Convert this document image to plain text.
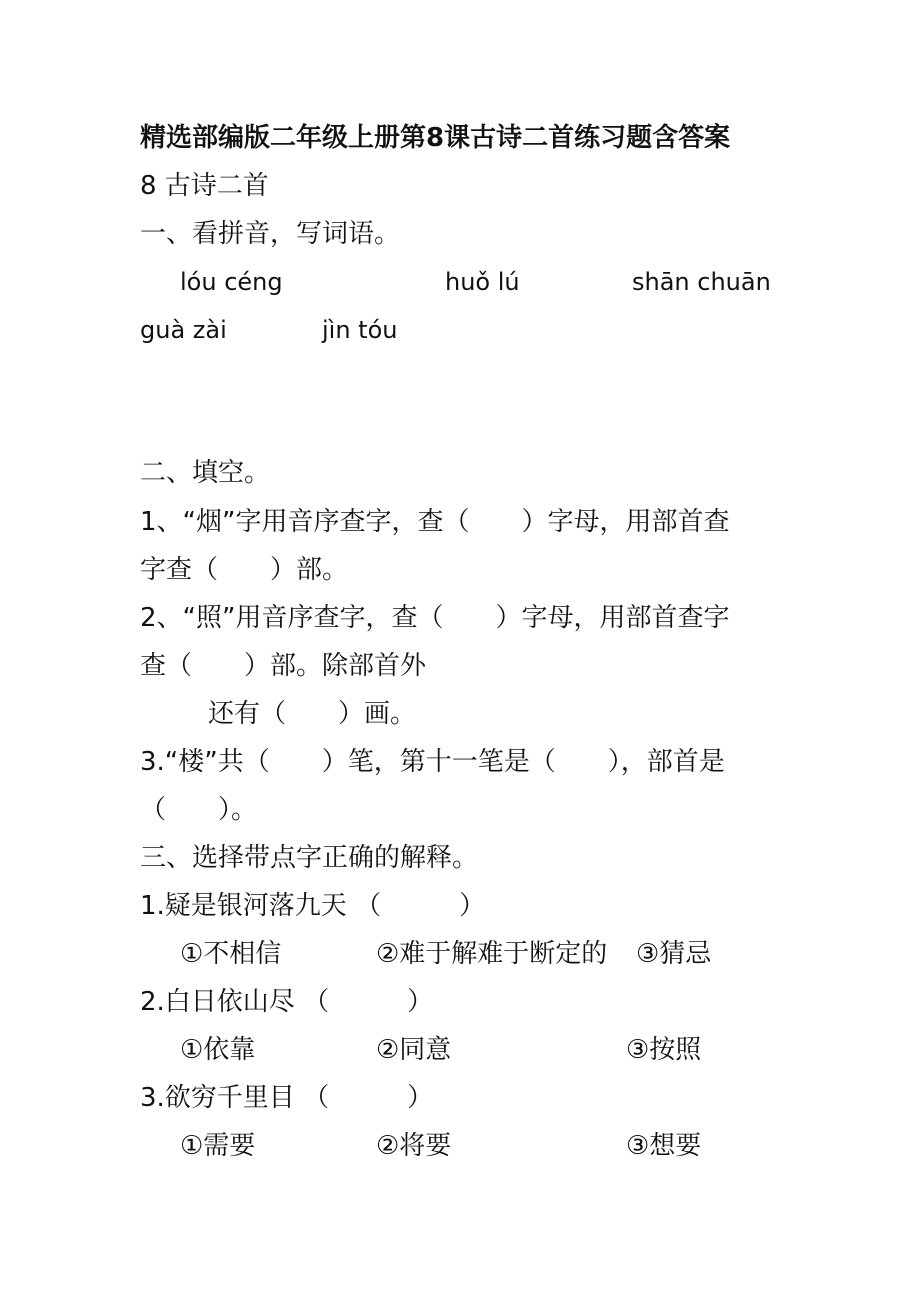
精选部编版二年级上册第8课古诗二首练习题含答案
8 古诗二首
一、看拼音，写词语。
lóu céng	huǒ lú	shān chuān
guà zài	jìn tóu
二、填空。
1、“烟”字用音序查字，查（　　）字母，用部首查
字查（　　）部。
2、“照”用音序查字，查（　　）字母，用部首查字
查（　　）部。除部首外
还有（　　）画。
3.“楼”共（　　）笔，第十一笔是（　　），部首是
（　　）。
三、选择带点字正确的解释。
1.疑是银河落九天 （　　　）
①不相信	②难于解难于断定的 ③猜忌
2.白日依山尽 （　　　）
①依靠	②同意	③按照
3.欲穷千里目 （　　　）
①需要	②将要	③想要
